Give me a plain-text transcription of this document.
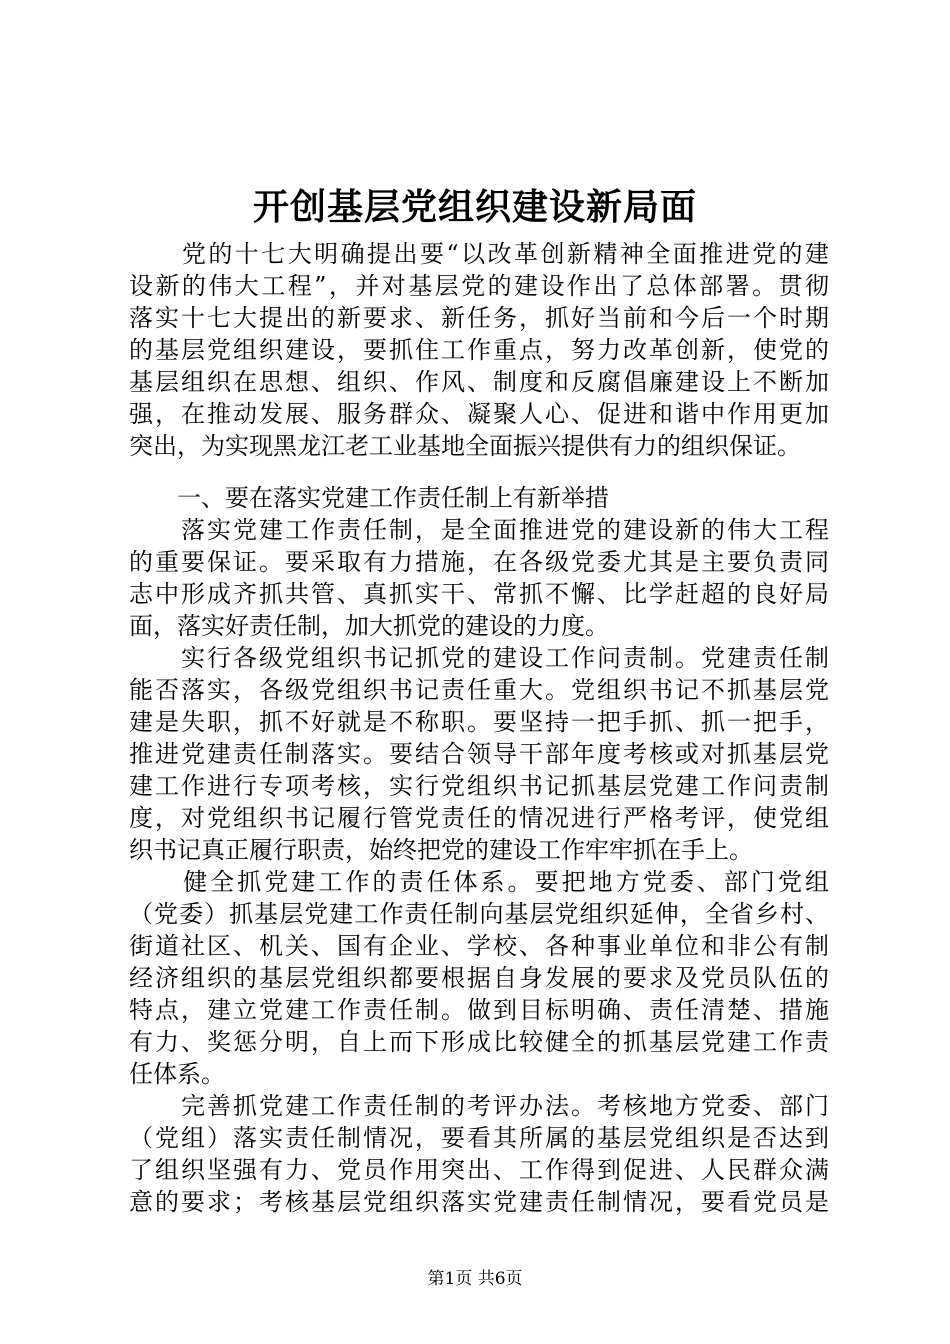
开创基层党组织建设新局面
　　党的十七大明确提出要“以改革创新精神全面推进党的建
设新的伟大工程”，并对基层党的建设作出了总体部署。贯彻
落实十七大提出的新要求、新任务，抓好当前和今后一个时期
的基层党组织建设，要抓住工作重点，努力改革创新，使党的
基层组织在思想、组织、作风、制度和反腐倡廉建设上不断加
强，在推动发展、服务群众、凝聚人心、促进和谐中作用更加
突出，为实现黑龙江老工业基地全面振兴提供有力的组织保证。
　　一、要在落实党建工作责任制上有新举措
　　落实党建工作责任制，是全面推进党的建设新的伟大工程
的重要保证。要采取有力措施，在各级党委尤其是主要负责同
志中形成齐抓共管、真抓实干、常抓不懈、比学赶超的良好局
面，落实好责任制，加大抓党的建设的力度。
　　实行各级党组织书记抓党的建设工作问责制。党建责任制
能否落实，各级党组织书记责任重大。党组织书记不抓基层党
建是失职，抓不好就是不称职。要坚持一把手抓、抓一把手，
推进党建责任制落实。要结合领导干部年度考核或对抓基层党
建工作进行专项考核，实行党组织书记抓基层党建工作问责制
度，对党组织书记履行管党责任的情况进行严格考评，使党组
织书记真正履行职责，始终把党的建设工作牢牢抓在手上。
　　健全抓党建工作的责任体系。要把地方党委、部门党组
（党委）抓基层党建工作责任制向基层党组织延伸，全省乡村、
街道社区、机关、国有企业、学校、各种事业单位和非公有制
经济组织的基层党组织都要根据自身发展的要求及党员队伍的
特点，建立党建工作责任制。做到目标明确、责任清楚、措施
有力、奖惩分明，自上而下形成比较健全的抓基层党建工作责
任体系。
　　完善抓党建工作责任制的考评办法。考核地方党委、部门
（党组）落实责任制情况，要看其所属的基层党组织是否达到
了组织坚强有力、党员作用突出、工作得到促进、人民群众满
意的要求；考核基层党组织落实党建责任制情况，要看党员是
第1页 共6页
